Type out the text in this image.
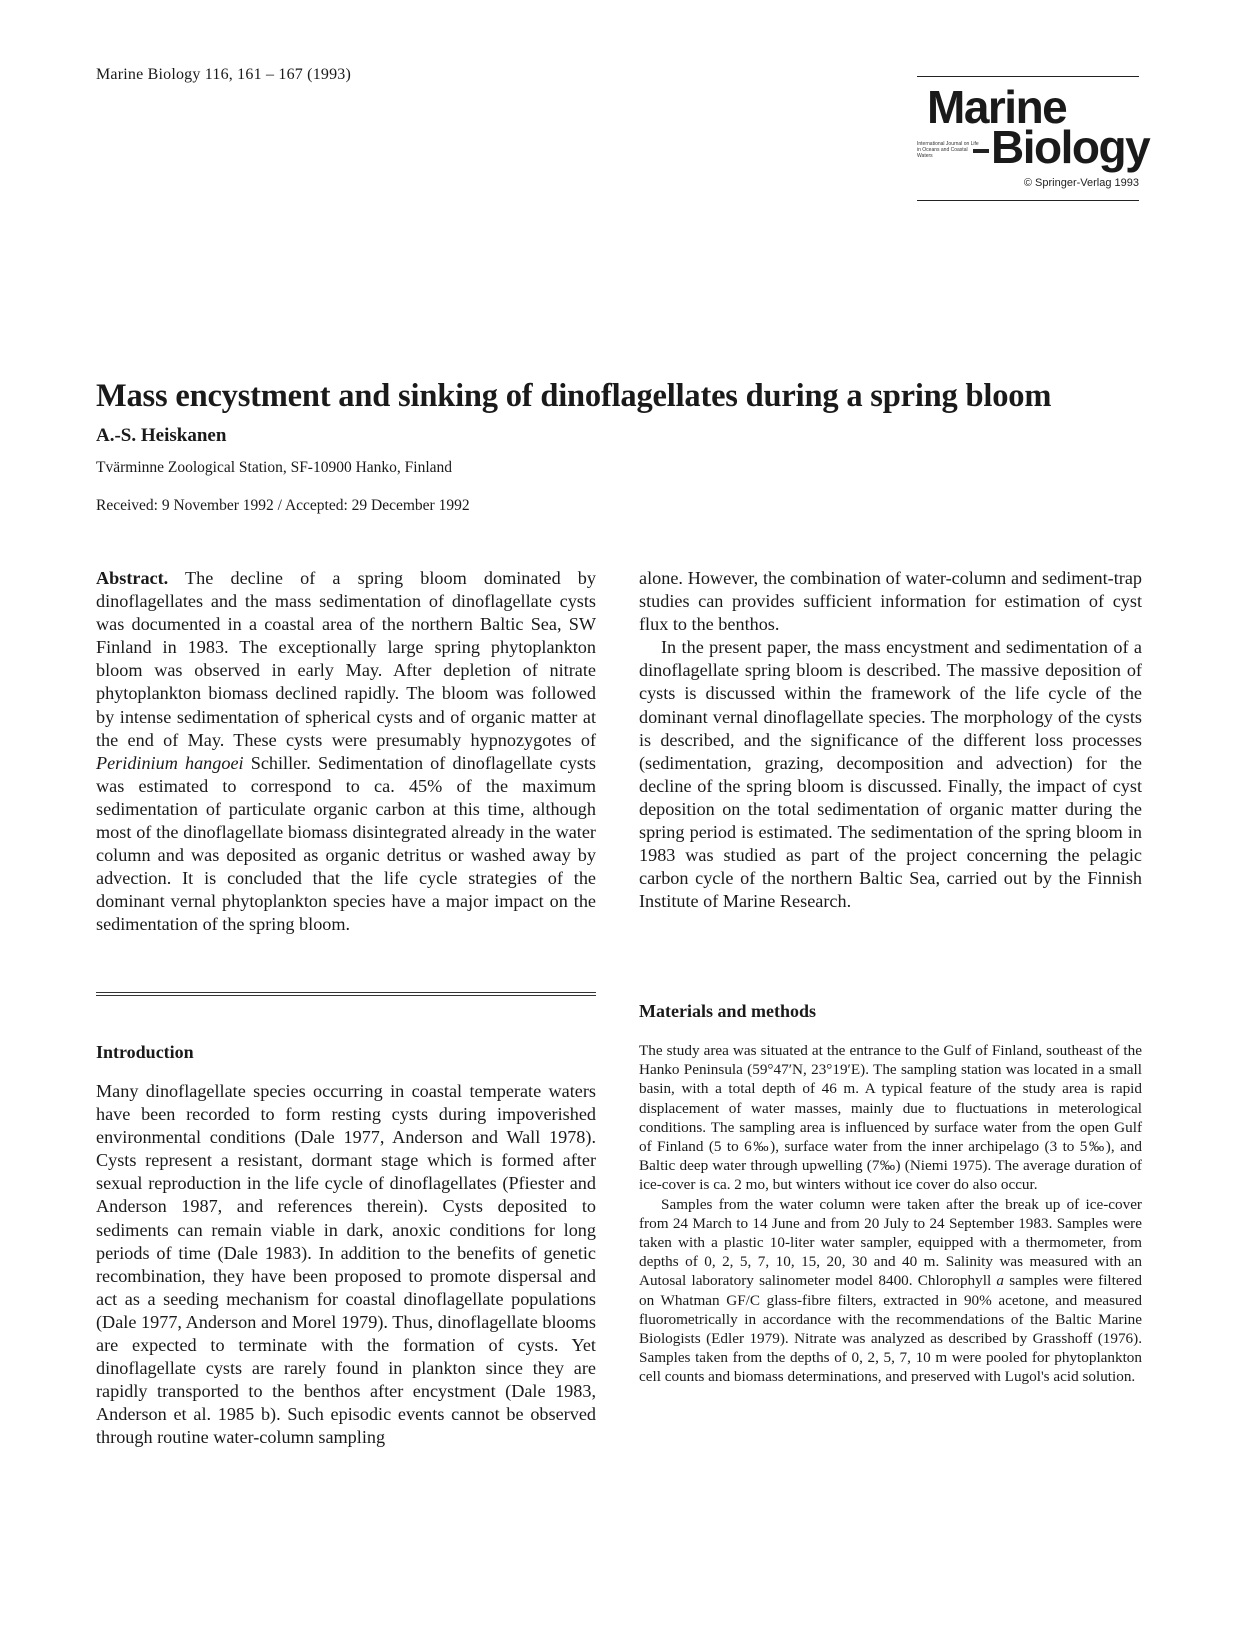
Marine Biology 116, 161 – 167 (1993)
Marine
International Journal on Life in Oceans and Coastal Waters	Biology
© Springer-Verlag 1993
Mass encystment and sinking of dinoflagellates during a spring bloom
A.-S. Heiskanen
Tvärminne Zoological Station, SF-10900 Hanko, Finland
Received: 9 November 1992 / Accepted: 29 December 1992
Abstract. The decline of a spring bloom dominated by dinoflagellates and the mass sedimentation of dinoflagellate cysts was documented in a coastal area of the northern Baltic Sea, SW Finland in 1983. The exceptionally large spring phytoplankton bloom was observed in early May. After depletion of nitrate phytoplankton biomass declined rapidly. The bloom was followed by intense sedimentation of spherical cysts and of organic matter at the end of May. These cysts were presumably hypnozygotes of Peridinium hangoei Schiller. Sedimentation of dinoflagellate cysts was estimated to correspond to ca. 45% of the maximum sedimentation of particulate organic carbon at this time, although most of the dinoflagellate biomass disintegrated already in the water column and was deposited as organic detritus or washed away by advection. It is concluded that the life cycle strategies of the dominant vernal phytoplankton species have a major impact on the sedimentation of the spring bloom.

alone. However, the combination of water-column and sediment-trap studies can provides sufficient information for estimation of cyst flux to the benthos.

In the present paper, the mass encystment and sedimentation of a dinoflagellate spring bloom is described. The massive deposition of cysts is discussed within the framework of the life cycle of the dominant vernal dinoflagellate species. The morphology of the cysts is described, and the significance of the different loss processes (sedimentation, grazing, decomposition and advection) for the decline of the spring bloom is discussed. Finally, the impact of cyst deposition on the total sedimentation of organic matter during the spring period is estimated. The sedimentation of the spring bloom in 1983 was studied as part of the project concerning the pelagic carbon cycle of the northern Baltic Sea, carried out by the Finnish Institute of Marine Research.

Introduction
Many dinoflagellate species occurring in coastal temperate waters have been recorded to form resting cysts during impoverished environmental conditions (Dale 1977, Anderson and Wall 1978). Cysts represent a resistant, dormant stage which is formed after sexual reproduction in the life cycle of dinoflagellates (Pfiester and Anderson 1987, and references therein). Cysts deposited to sediments can remain viable in dark, anoxic conditions for long periods of time (Dale 1983). In addition to the benefits of genetic recombination, they have been proposed to promote dispersal and act as a seeding mechanism for coastal dinoflagellate populations (Dale 1977, Anderson and Morel 1979). Thus, dinoflagellate blooms are expected to terminate with the formation of cysts. Yet dinoflagellate cysts are rarely found in plankton since they are rapidly transported to the benthos after encystment (Dale 1983, Anderson et al. 1985 b). Such episodic events cannot be observed through routine water-column sampling
Materials and methods

The study area was situated at the entrance to the Gulf of Finland, southeast of the Hanko Peninsula (59°47′N, 23°19′E). The sampling station was located in a small basin, with a total depth of 46 m. A typical feature of the study area is rapid displacement of water masses, mainly due to fluctuations in meterological conditions. The sampling area is influenced by surface water from the open Gulf of Finland (5 to 6‰), surface water from the inner archipelago (3 to 5‰), and Baltic deep water through upwelling (7‰) (Niemi 1975). The average duration of ice-cover is ca. 2 mo, but winters without ice cover do also occur.

Samples from the water column were taken after the break up of ice-cover from 24 March to 14 June and from 20 July to 24 September 1983. Samples were taken with a plastic 10-liter water sampler, equipped with a thermometer, from depths of 0, 2, 5, 7, 10, 15, 20, 30 and 40 m. Salinity was measured with an Autosal laboratory salinometer model 8400. Chlorophyll a samples were filtered on Whatman GF/C glass-fibre filters, extracted in 90% acetone, and measured fluorometrically in accordance with the recommendations of the Baltic Marine Biologists (Edler 1979). Nitrate was analyzed as described by Grasshoff (1976). Samples taken from the depths of 0, 2, 5, 7, 10 m were pooled for phytoplankton cell counts and biomass determinations, and preserved with Lugol's acid solution.
